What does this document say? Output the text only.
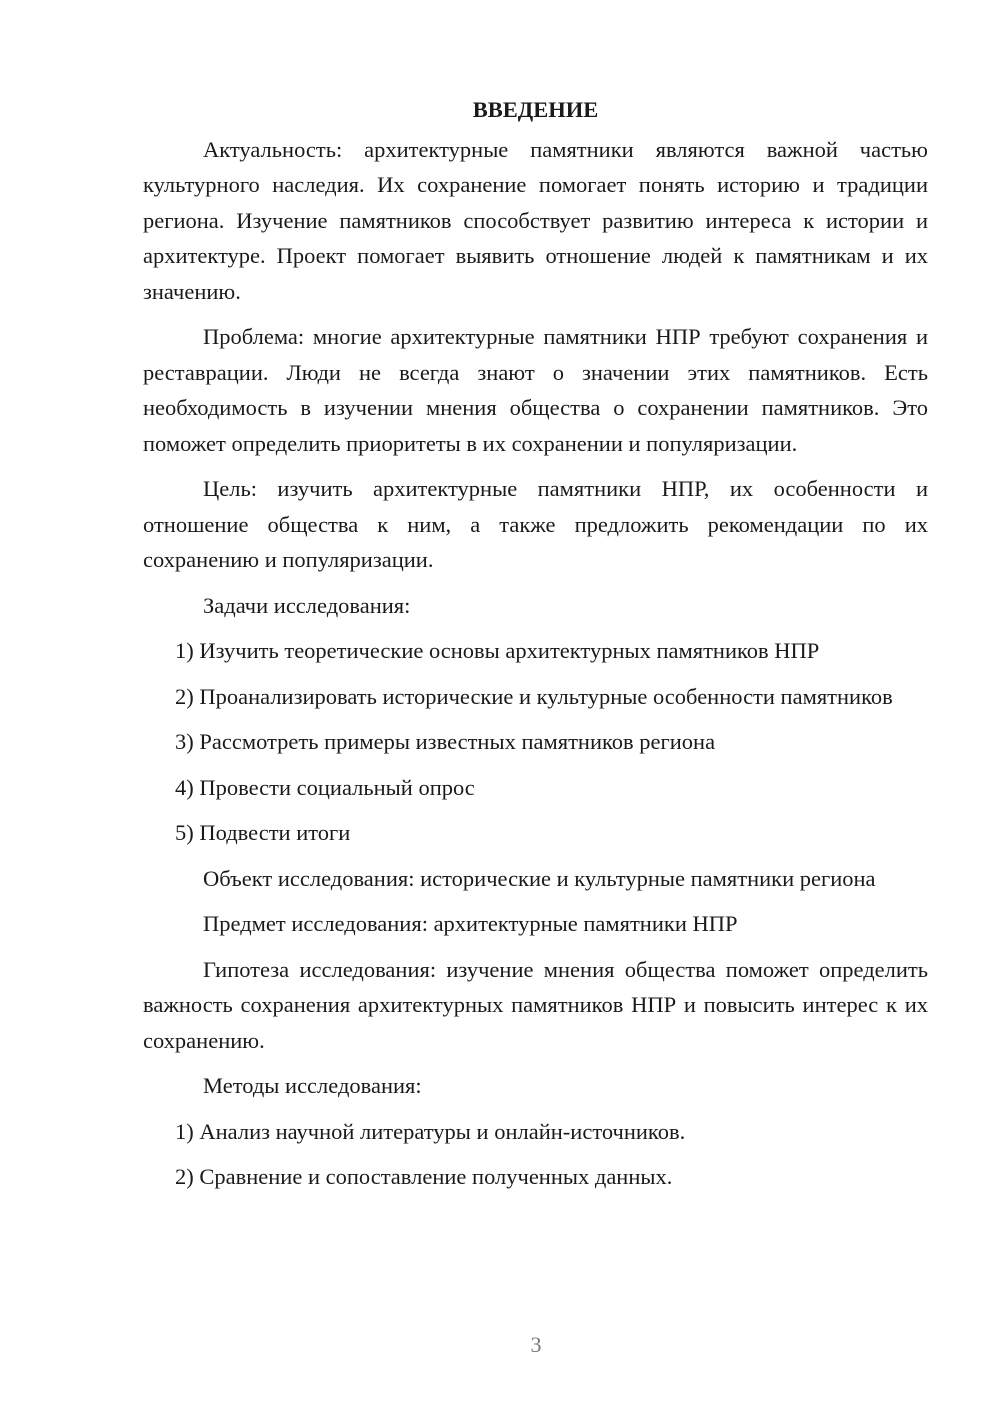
ВВЕДЕНИЕ

Актуальность: архитектурные памятники являются важной частью культурного наследия. Их сохранение помогает понять историю и традиции региона. Изучение памятников способствует развитию интереса к истории и архитектуре. Проект помогает выявить отношение людей к памятникам и их значению.

Проблема: многие архитектурные памятники НПР требуют сохранения и реставрации. Люди не всегда знают о значении этих памятников. Есть необходимость в изучении мнения общества о сохранении памятников. Это поможет определить приоритеты в их сохранении и популяризации.

Цель: изучить архитектурные памятники НПР, их особенности и отношение общества к ним, а также предложить рекомендации по их сохранению и популяризации.

Задачи исследования:

1) Изучить теоретические основы архитектурных памятников НПР

2) Проанализировать исторические и культурные особенности памятников

3) Рассмотреть примеры известных памятников региона

4) Провести социальный опрос

5) Подвести итоги

Объект исследования: исторические и культурные памятники региона

Предмет исследования: архитектурные памятники НПР

Гипотеза исследования: изучение мнения общества поможет определить важность сохранения архитектурных памятников НПР и повысить интерес к их сохранению.

Методы исследования:

1) Анализ научной литературы и онлайн-источников.

2) Сравнение и сопоставление полученных данных.

3
